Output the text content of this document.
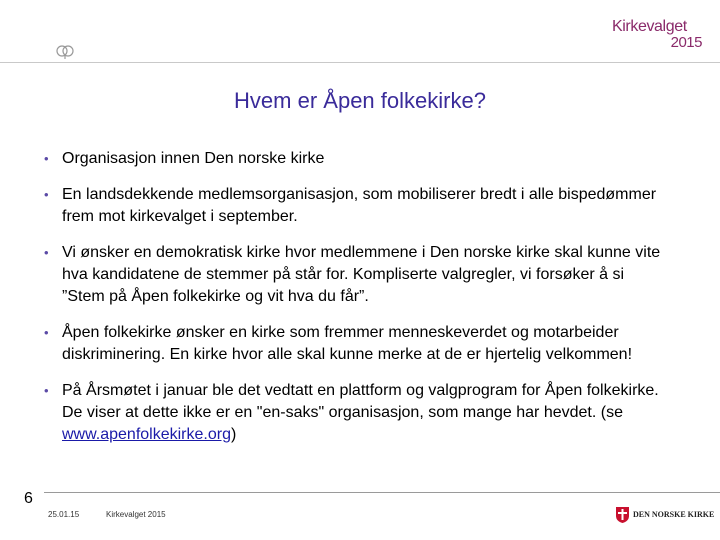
Kirkevalget
2015
Hvem er Åpen folkekirke?
• Organisasjon innen Den norske kirke
• En landsdekkende medlemsorganisasjon, som mobiliserer bredt i alle bispedømmer frem mot kirkevalget i september.
• Vi ønsker en demokratisk kirke hvor medlemmene i Den norske kirke skal kunne vite hva kandidatene de stemmer på står for. Kompliserte valgregler, vi forsøker å si ”Stem på Åpen folkekirke og vit hva du får”.
• Åpen folkekirke ønsker en kirke som fremmer menneskeverdet og motarbeider diskriminering. En kirke hvor alle skal kunne merke at de er hjertelig velkommen!
• På Årsmøtet i januar ble det vedtatt en plattform og valgprogram for Åpen folkekirke. De viser at dette ikke er en "en-saks" organisasjon, som mange har hevdet. (se www.apenfolkekirke.org)
6
25.01.15	Kirkevalget 2015	DEN NORSKE KIRKE
